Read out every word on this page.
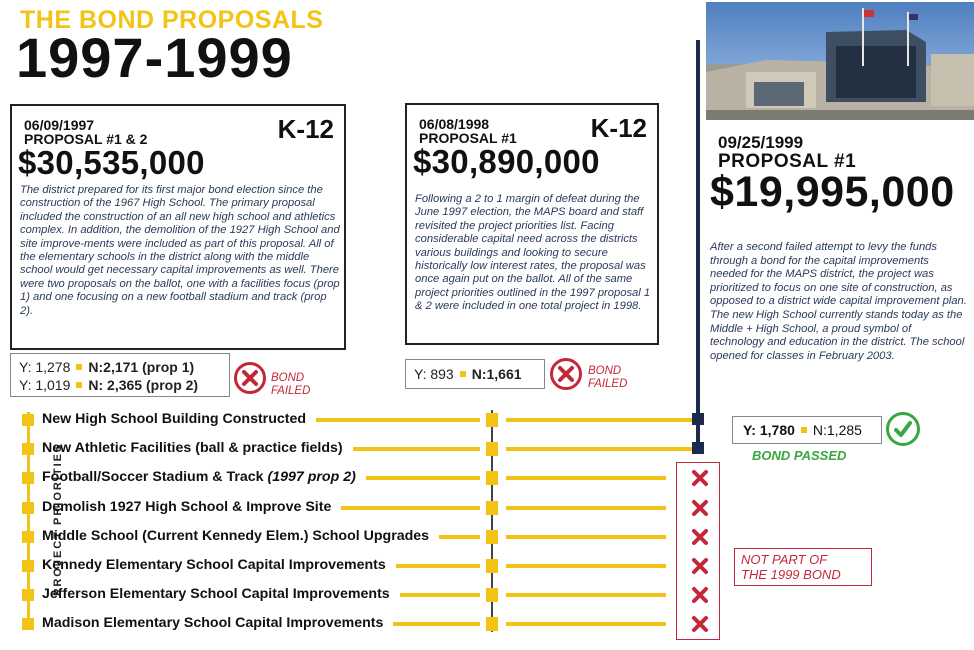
THE BOND PROPOSALS
1997-1999
06/09/1997
PROPOSAL #1 & 2	K-12
$30,535,000
The district prepared for its first major bond election since the construction of the 1967 High School. The primary proposal included the construction of an all new high school and athletics complex. In addition, the demolition of the 1927 High School and site improve-ments were included as part of this proposal. All of the elementary schools in the district along with the middle school would get necessary capital improvements as well. There were two proposals on the ballot, one with a facilities focus (prop 1) and one focusing on a new football stadium and track (prop 2).
Y: 1,278 N:2,171 (prop 1)
Y: 1,019 N: 2,365 (prop 2)	BOND
FAILED
06/08/1998
PROPOSAL #1	K-12
$30,890,000
Following a 2 to 1 margin of defeat during the June 1997 election, the MAPS board and staff revisited the project priorities list. Facing considerable capital need across the districts various buildings and looking to secure historically low interest rates, the proposal was once again put on the ballot. All of the same project priorities outlined in the 1997 proposal 1 & 2 were included in one total project in 1998.
Y: 893 N:1,661	BOND
FAILED
09/25/1999
PROPOSAL #1
$19,995,000
After a second failed attempt to levy the funds through a bond for the capital improvements needed for the MAPS district, the project was prioritized to focus on one site of construction, as opposed to a district wide capital improvement plan. The new High School currently stands today as the Middle + High School, a proud symbol of technology and education in the district. The school opened for classes in February 2003.
Y: 1,780 N:1,285
BOND PASSED
PROJECT PRIORITIES	NOT PART OF
THE 1999 BOND
New High School Building Constructed
New Athletic Facilities (ball & practice fields)
Football/Soccer Stadium & Track (1997 prop 2)
Demolish 1927 High School & Improve Site
Middle School (Current Kennedy Elem.) School Upgrades
Kennedy Elementary School Capital Improvements
Jefferson Elementary School Capital Improvements
Madison Elementary School Capital Improvements
